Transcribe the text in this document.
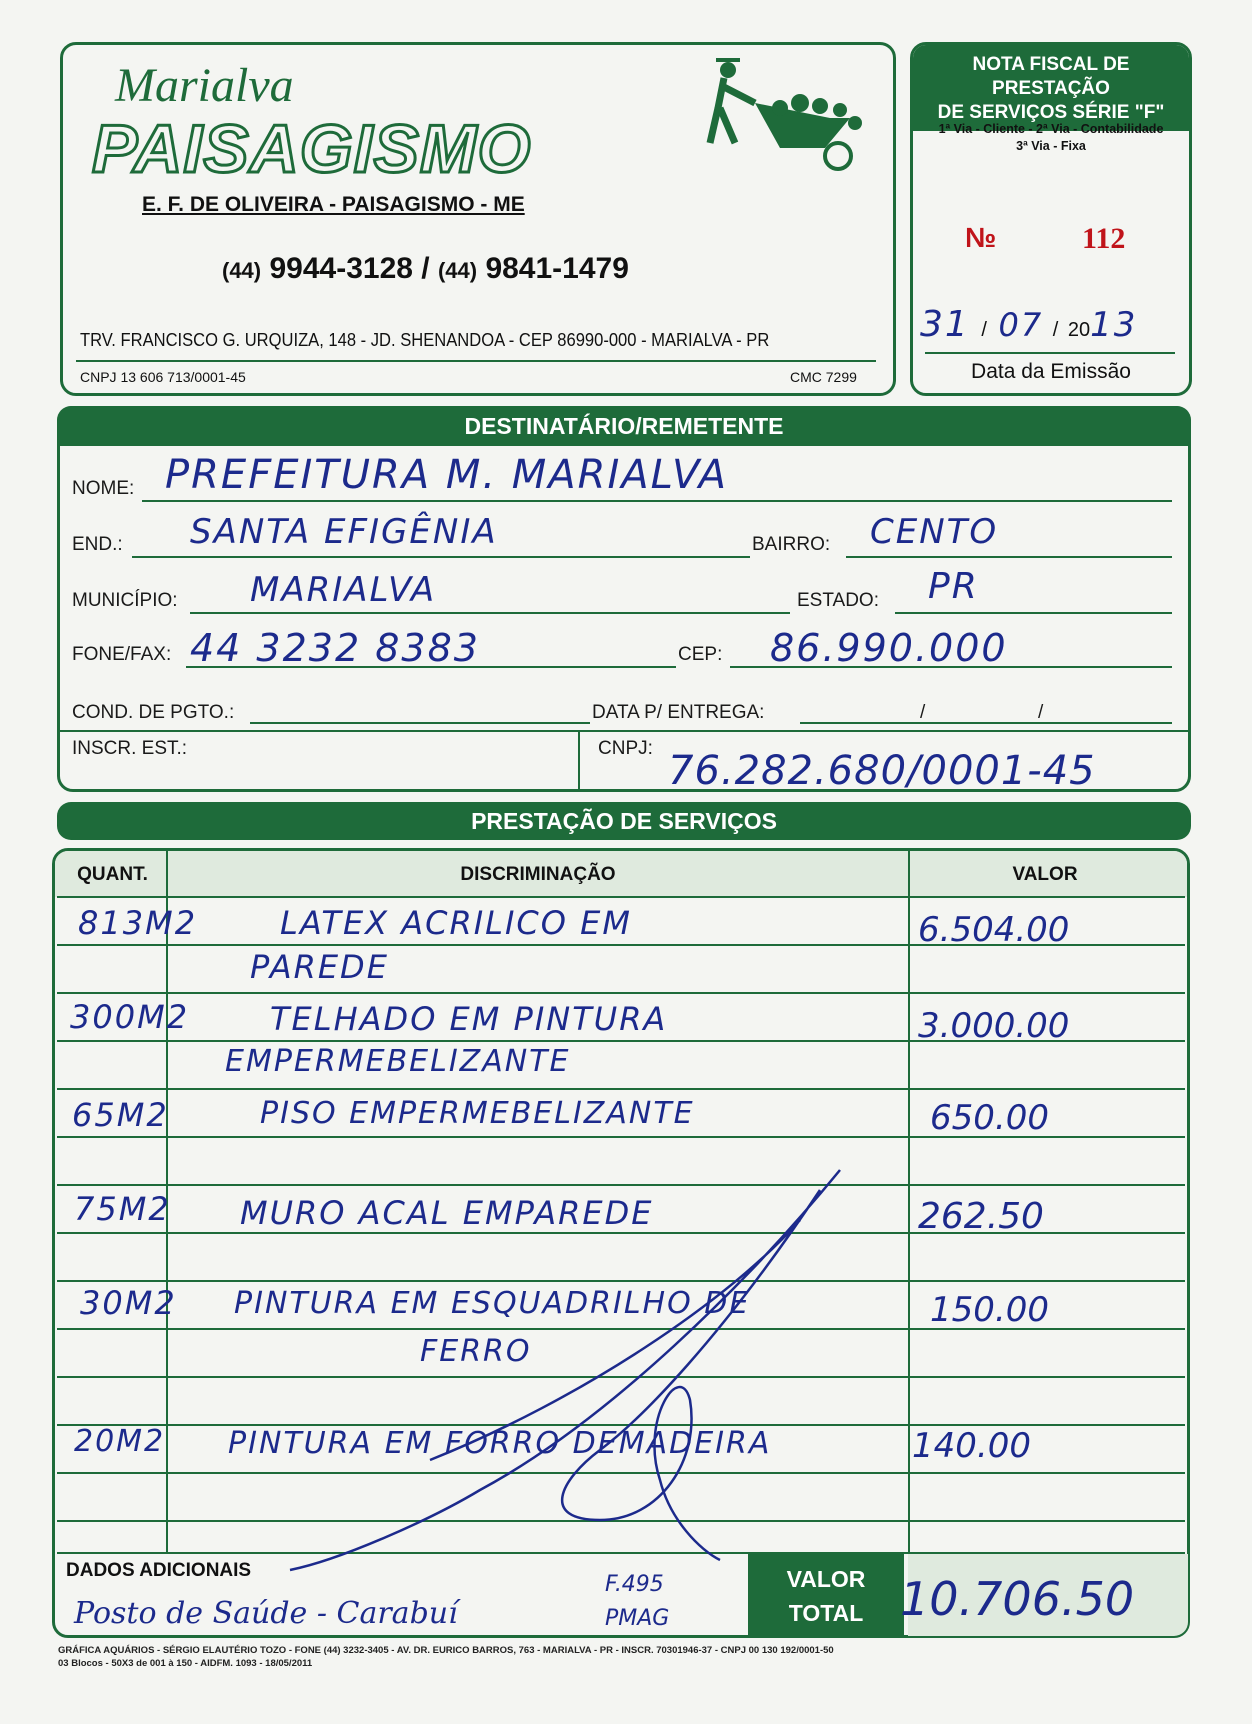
Marialva
PAISAGISMO
E. F. DE OLIVEIRA - PAISAGISMO - ME
(44) 9944-3128 / (44) 9841-1479
TRV. FRANCISCO G. URQUIZA, 148 - JD. SHENANDOA - CEP 86990-000 - MARIALVA - PR
CNPJ 13 606 713/0001-45	CMC 7299
NOTA FISCAL DE PRESTAÇÃO
DE SERVIÇOS SÉRIE "F"
1ª Via - Cliente - 2ª Via - Contabilidade
3ª Via - Fixa
№	112
31 / 07 / 2013
Data da Emissão
DESTINATÁRIO/REMETENTE
NOME: PREFEITURA M. MARIALVA
END.: SANTA EFIGÊNIA	BAIRRO: CENTO
MUNICÍPIO: MARIALVA	ESTADO: PR
FONE/FAX: 44 3232 8383	CEP: 86.990.000
COND. DE PGTO.:	DATA P/ ENTREGA:	/	/
INSCR. EST.:	CNPJ: 76.282.680/0001-45
PRESTAÇÃO DE SERVIÇOS
QUANT.	DISCRIMINAÇÃO	VALOR
813M2	LATEX ACRILICO EM
PAREDE
6.504.00
300M2	TELHADO EM PINTURA
EMPERMEBELIZANTE
3.000.00
65M2	PISO EMPERMEBELIZANTE	650.00
75M2 MURO ACAL EMPAREDE	262.50
30M2 PINTURA EM ESQUADRILHO DE
FERRO
150.00
20M2 PINTURA EM FORRO DEMADEIRA	140.00
DADOS ADICIONAIS
Posto de Saúde - Carabuí
F.495
PMAG
VALOR
TOTAL 10.706.50
GRÁFICA AQUÁRIOS - SÉRGIO ELAUTÉRIO TOZO - FONE (44) 3232-3405 - AV. DR. EURICO BARROS, 763 - MARIALVA - PR - INSCR. 70301946-37 - CNPJ 00 130 192/0001-50
03 Blocos - 50X3 de 001 à 150 - AIDFM. 1093 - 18/05/2011
